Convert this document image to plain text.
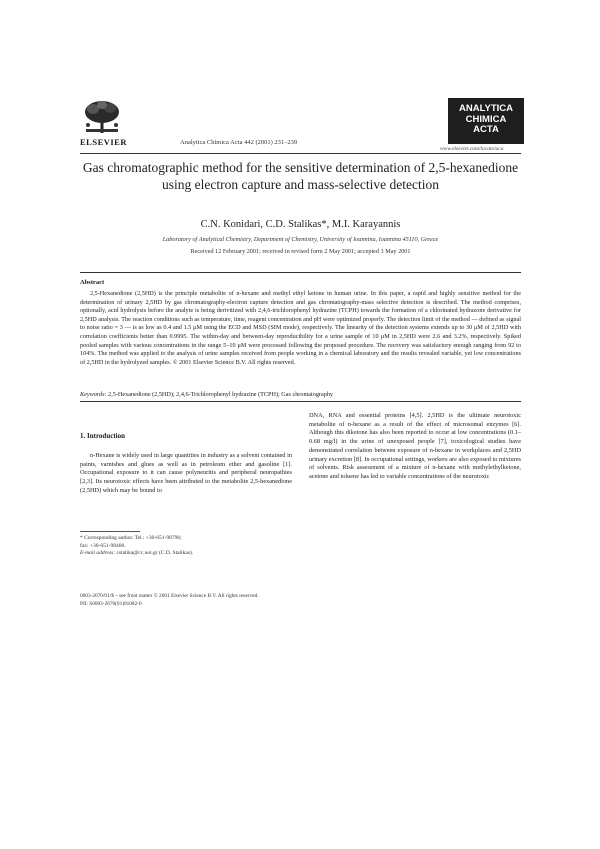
ELSEVIER	Analytica Chimica Acta 442 (2001) 231–239
ANALYTICA
CHIMICA
ACTA
www.elsevier.com/locate/aca
Gas chromatographic method for the sensitive determination of 2,5-hexanedione using electron capture and mass-selective detection
C.N. Konidari, C.D. Stalikas*, M.I. Karayannis
Laboratory of Analytical Chemistry, Department of Chemistry, University of Ioannina, Ioannina 45110, Greece
Received 12 February 2001; received in revised form 2 May 2001; accepted 3 May 2001
Abstract
2,5-Hexanedione (2,5HD) is the principle metabolite of n-hexane and methyl ethyl ketone in human urine. In this paper, a rapid and highly sensitive method for the determination of urinary 2,5HD by gas chromatography-electron capture detection and gas chromatography-mass selective detection is described. The method comprises, optionally, acid hydrolysis before the analyte is being derivitized with 2,4,6-trichlorophenyl hydrazine (TCPH) towards the formation of a chlorinated hydrazone derivative for 2,5HD analysis. The reaction conditions such as temperature, time, reagent concentration and pH were optimized properly. The detection limit of the method — defined as signal to noise ratio = 3 — is as low as 0.4 and 1.5 μM using the ECD and MSD (SIM mode), respectively. The linearity of the detection systems extends up to 30 μM of 2,5HD with correlation coefficients better than 0.9995. The within-day and between-day reproducibility for a urine sample of 10 μM in 2,5HD were 2.6 and 3.2%, respectively. Spiked pooled samples with various concentrations in the range 5–10 μM were processed following the proposed procedure. The recovery was satisfactory enough ranging from 92 to 104%. The method was applied to the analysis of urine samples received from people working in a chemical laboratory and the results revealed variable, yet low concentrations of 2,5HD in the hydrolyzed samples. © 2001 Elsevier Science B.V. All rights reserved.
Keywords: 2,5-Hexanedione (2,5HD); 2,4,6-Trichlorophenyl hydrazine (TCPH); Gas chromatography
1. Introduction
n-Hexane is widely used in large quantities in industry as a solvent contained in paints, varnishes and glues as well as in petroleum ether and gasoline [1]. Occupational exposure to it can cause polyneuritis and peripheral neuropathies [2,3]. Its neurotoxic effects have been attributed to the metabolite 2,5-hexanedione (2,5HD) which may be bound to
DNA, RNA and essential proteins [4,5]. 2,5HD is the ultimate neurotoxic metabolite of n-hexane as a result of the effect of microsomal enzymes [6]. Although this diketone has also been reported to occur at low concentrations (0.1–0.68 mg/l) in the urine of unexposed people [7], toxicological studies have demonstrated correlation between exposure of n-hexane in workplaces and 2,5HD urinary excretion [8]. In occupational settings, workers are also exposed to mixtures of solvents. Risk assessment of a mixture of n-hexane with methylethylketone, acetone and toluene has led to variable concentrations of the neurotoxic
* Corresponding author. Tel.: +30-651-98796;
fax: +30-651-98406.
E-mail address: cstalika@cc.uoi.gr (C.D. Stalikas).
0003-2670/01/$ – see front matter © 2001 Elsevier Science B.V. All rights reserved.
PII: S0003-2670(01)01082-0
